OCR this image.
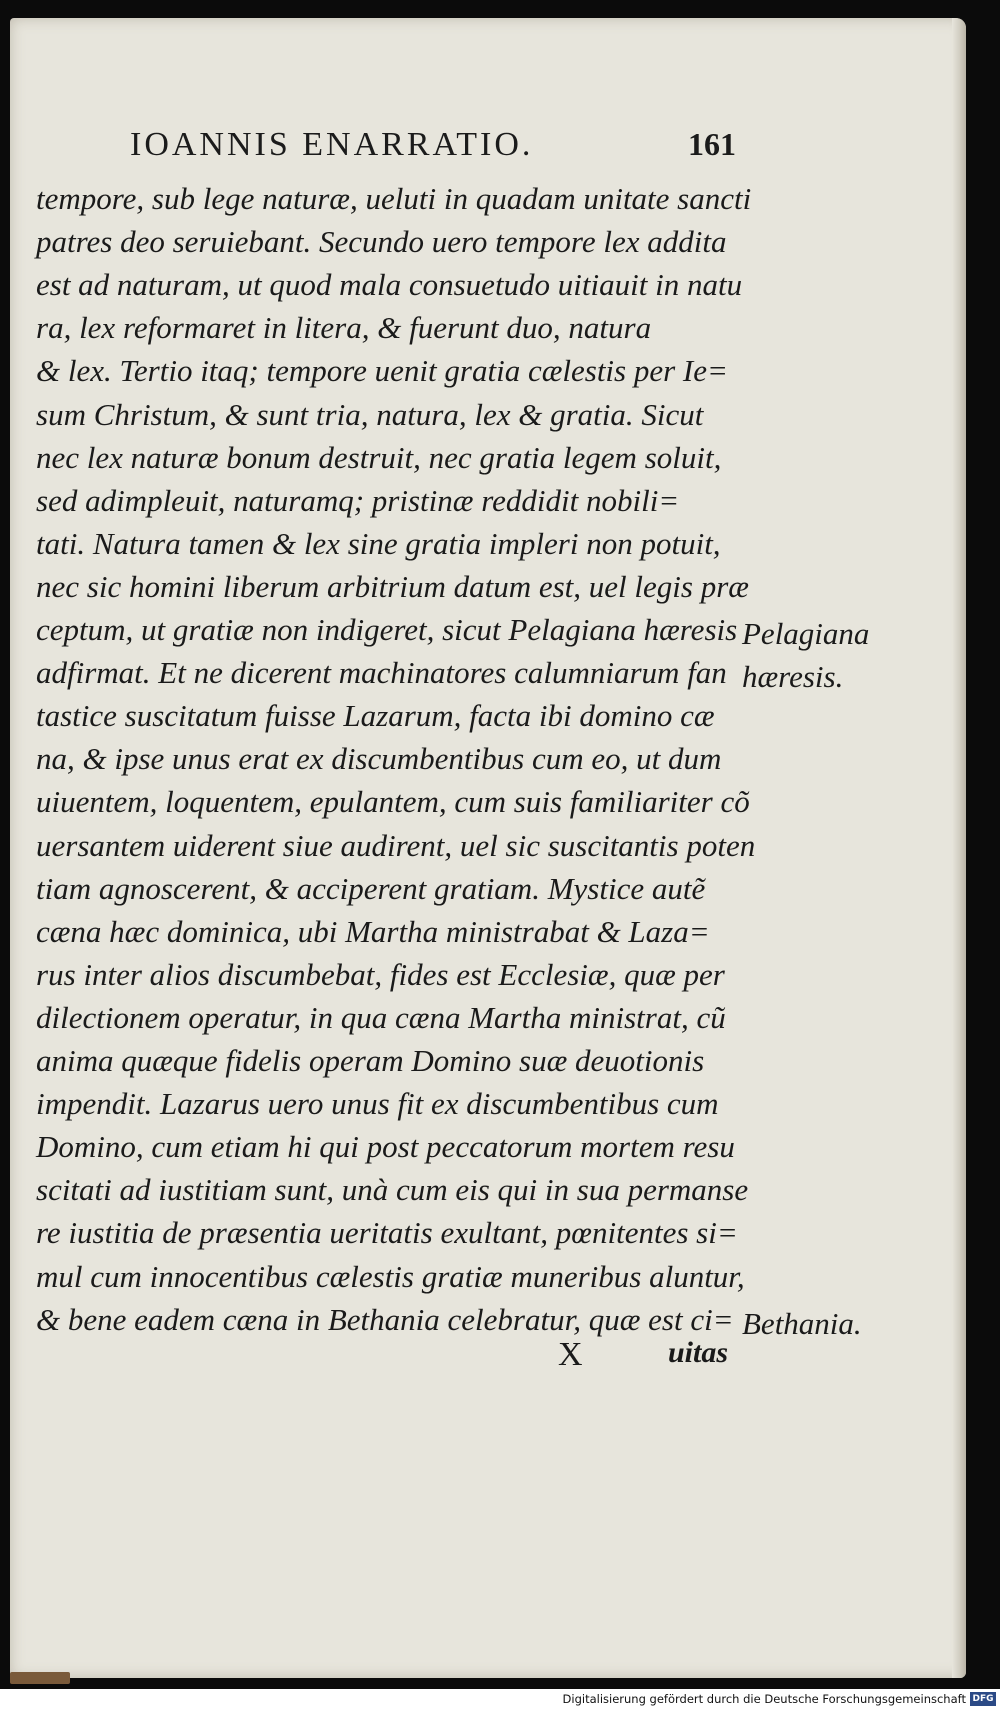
IOANNIS ENARRATIO.	161
tempore, sub lege naturæ, ueluti in quadam unitate sancti
patres deo seruiebant. Secundo uero tempore lex addita
est ad naturam, ut quod mala consuetudo uitiauit in natu
ra, lex reformaret in litera, & fuerunt duo, natura
& lex. Tertio itaq; tempore uenit gratia cælestis per Ie=
sum Christum, & sunt tria, natura, lex & gratia. Sicut
nec lex naturæ bonum destruit, nec gratia legem soluit,
sed adimpleuit, naturamq; pristinæ reddidit nobili=
tati. Natura tamen & lex sine gratia impleri non potuit,
nec sic homini liberum arbitrium datum est, uel legis præ
ceptum, ut gratiæ non indigeret, sicut Pelagiana hæresis
adfirmat. Et ne dicerent machinatores calumniarum fan
tastice suscitatum fuisse Lazarum, facta ibi domino cæ
na, & ipse unus erat ex discumbentibus cum eo, ut dum
uiuentem, loquentem, epulantem, cum suis familiariter cõ
uersantem uiderent siue audirent, uel sic suscitantis poten
tiam agnoscerent, & acciperent gratiam. Mystice autẽ
cæna hæc dominica, ubi Martha ministrabat & Laza=
rus inter alios discumbebat, fides est Ecclesiæ, quæ per
dilectionem operatur, in qua cæna Martha ministrat, cũ
anima quæque fidelis operam Domino suæ deuotionis
impendit. Lazarus uero unus fit ex discumbentibus cum
Domino, cum etiam hi qui post peccatorum mortem resu
scitati ad iustitiam sunt, unà cum eis qui in sua permanse
re iustitia de præsentia ueritatis exultant, pœnitentes si=
mul cum innocentibus cælestis gratiæ muneribus aluntur,
& bene eadem cæna in Bethania celebratur, quæ est ci=
Pelagiana
hæresis.
Bethania.
X	uitas
Digitalisierung gefördert durch die Deutsche Forschungsgemeinschaft DFG
